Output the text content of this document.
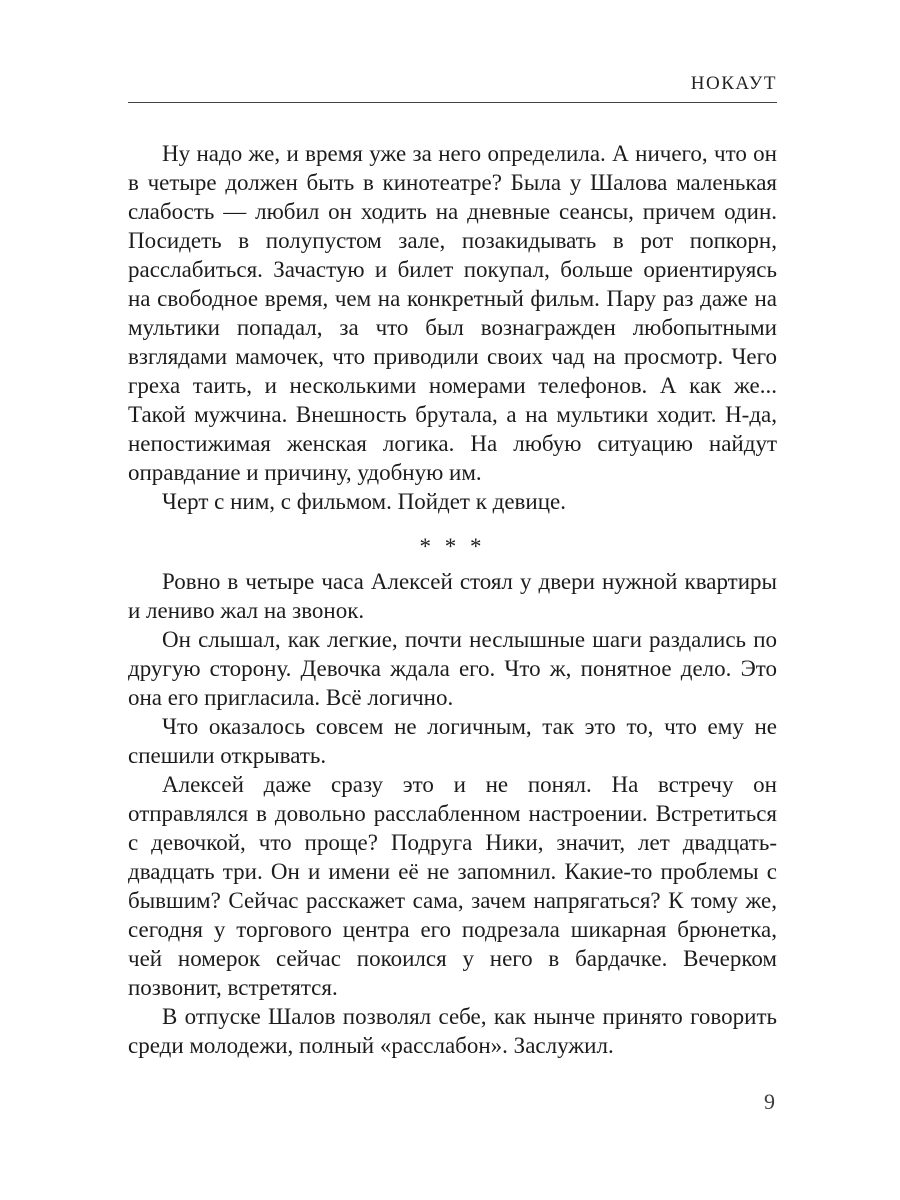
НОКАУТ

Ну надо же, и время уже за него определила. А ничего, что он в четыре должен быть в кинотеатре? Была у Шалова маленькая слабость — любил он ходить на дневные сеансы, причем один. Посидеть в полупустом зале, позакидывать в рот попкорн, расслабиться. Зачастую и билет покупал, больше ориентируясь на свободное время, чем на конкретный фильм. Пару раз даже на мультики попадал, за что был вознагражден любопытными взглядами мамочек, что приводили своих чад на просмотр. Чего греха таить, и несколькими номерами телефонов. А как же... Такой мужчина. Внешность брутала, а на мультики ходит. Н-да, непостижимая женская логика. На любую ситуацию найдут оправдание и причину, удобную им.

Черт с ним, с фильмом. Пойдет к девице.

* * *

Ровно в четыре часа Алексей стоял у двери нужной квартиры и лениво жал на звонок.

Он слышал, как легкие, почти неслышные шаги раздались по другую сторону. Девочка ждала его. Что ж, понятное дело. Это она его пригласила. Всё логично.

Что оказалось совсем не логичным, так это то, что ему не спешили открывать.

Алексей даже сразу это и не понял. На встречу он отправлялся в довольно расслабленном настроении. Встретиться с девочкой, что проще? Подруга Ники, значит, лет двадцать-двадцать три. Он и имени её не запомнил. Какие-то проблемы с бывшим? Сейчас расскажет сама, зачем напрягаться? К тому же, сегодня у торгового центра его подрезала шикарная брюнетка, чей номерок сейчас покоился у него в бардачке. Вечерком позвонит, встретятся.

В отпуске Шалов позволял себе, как нынче принято говорить среди молодежи, полный «расслабон». Заслужил.

9
